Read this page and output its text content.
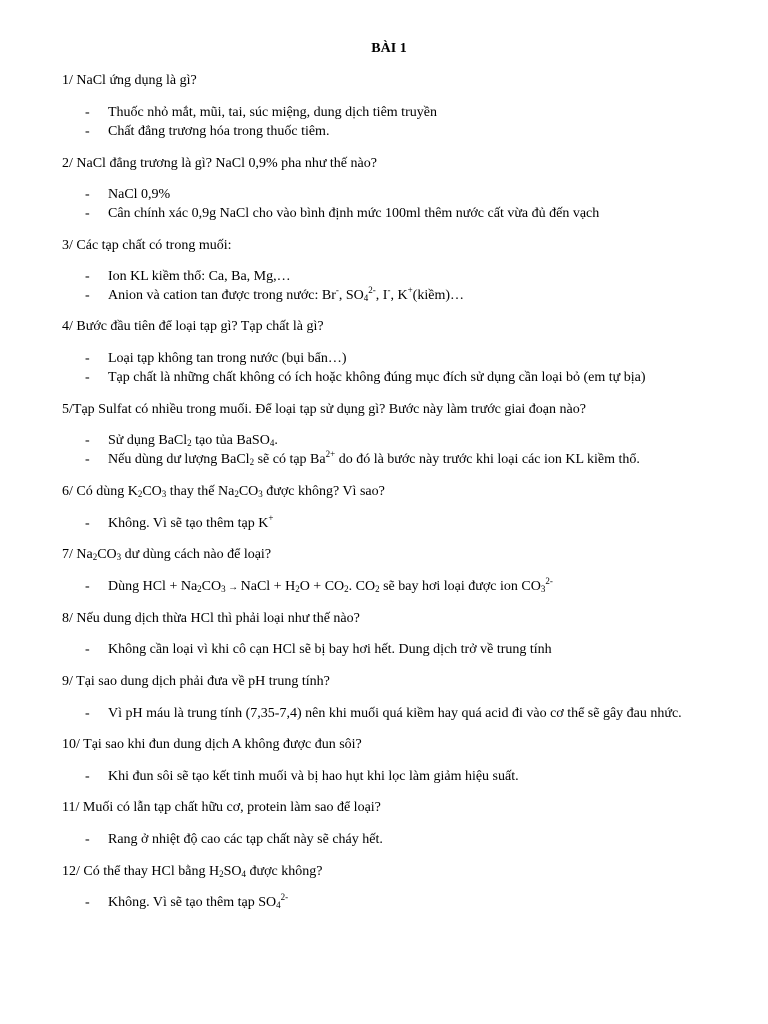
BÀI 1
1/ NaCl ứng dụng là gì?
- Thuốc nhỏ mắt, mũi, tai, súc miệng, dung dịch tiêm truyền
- Chất đẳng trương hóa trong thuốc tiêm.
2/ NaCl đẳng trương là gì? NaCl 0,9% pha như thế nào?
- NaCl 0,9%
- Cân chính xác 0,9g NaCl cho vào bình định mức 100ml thêm nước cất vừa đủ đến vạch
3/ Các tạp chất có trong muối:
- Ion KL kiềm thổ: Ca, Ba, Mg,…
- Anion và cation tan được trong nước: Br-, $SO_4^{2-}$, I-, K+(kiềm)…
4/ Bước đầu tiên để loại tạp gì? Tạp chất là gì?
- Loại tạp không tan trong nước (bụi bẩn…)
- Tạp chất là những chất không có ích hoặc không đúng mục đích sử dụng cần loại bỏ (em tự bịa)
5/Tạp Sulfat có nhiều trong muối. Để loại tạp sử dụng gì? Bước này làm trước giai đoạn nào?
- Sử dụng BaCl$_2$ tạo tủa BaSO$_4$.
- Nếu dùng dư lượng BaCl$_2$ sẽ có tạp $Ba^{2+}$ do đó là bước này trước khi loại các ion KL kiềm thổ.
6/ Có dùng $K_2CO_3$ thay thế $Na_2CO_3$ được không? Vì sao?
- Không. Vì sẽ tạo thêm tạp K+
7/ $Na_2CO_3$ dư dùng cách nào để loại?
- Dùng HCl + $Na_2CO_3$ → NaCl + $H_2O + CO_2$. $CO_2$ sẽ bay hơi loại được ion $CO_3^{2-}$
8/ Nếu dung dịch thừa HCl thì phải loại như thế nào?
- Không cần loại vì khi cô cạn HCl sẽ bị bay hơi hết. Dung dịch trở về trung tính
9/ Tại sao dung dịch phải đưa về pH trung tính?
- Vì pH máu là trung tính (7,35-7,4) nên khi muối quá kiềm hay quá acid đi vào cơ thể sẽ gây đau nhức.
10/ Tại sao khi đun dung dịch A không được đun sôi?
- Khi đun sôi sẽ tạo kết tinh muối và bị hao hụt khi lọc làm giảm hiệu suất.
11/ Muối có lẫn tạp chất hữu cơ, protein làm sao để loại?
- Rang ở nhiệt độ cao các tạp chất này sẽ cháy hết.
12/ Có thể thay HCl bằng $H_2SO_4$ được không?
- Không. Vì sẽ tạo thêm tạp $SO_4^{2-}$
